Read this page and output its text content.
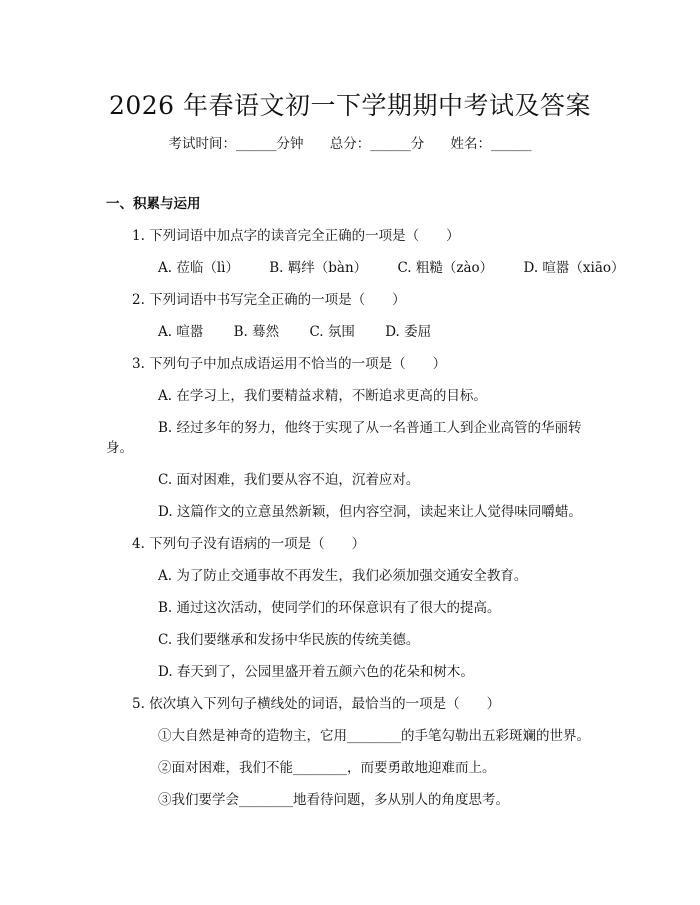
2026 年春语文初一下学期期中考试及答案
考试时间：______分钟 总分：______分 姓名：______
一、积累与运用
1. 下列词语中加点字的读音完全正确的一项是（　　）
A. 莅临（lì） B. 羁绊（bàn） C. 粗糙（zào） D. 喧嚣（xiāo）
2. 下列词语中书写完全正确的一项是（　　）
A. 喧嚣 B. 蓦然 C. 氛围 D. 委屈
3. 下列句子中加点成语运用不恰当的一项是（　　）
A. 在学习上，我们要精益求精，不断追求更高的目标。
B. 经过多年的努力，他终于实现了从一名普通工人到企业高管的华丽转
身。
C. 面对困难，我们要从容不迫，沉着应对。
D. 这篇作文的立意虽然新颖，但内容空洞，读起来让人觉得味同嚼蜡。
4. 下列句子没有语病的一项是（　　）
A. 为了防止交通事故不再发生，我们必须加强交通安全教育。
B. 通过这次活动，使同学们的环保意识有了很大的提高。
C. 我们要继承和发扬中华民族的传统美德。
D. 春天到了，公园里盛开着五颜六色的花朵和树木。
5. 依次填入下列句子横线处的词语，最恰当的一项是（　　）
①大自然是神奇的造物主，它用________的手笔勾勒出五彩斑斓的世界。
②面对困难，我们不能________，而要勇敢地迎难而上。
③我们要学会________地看待问题，多从别人的角度思考。
